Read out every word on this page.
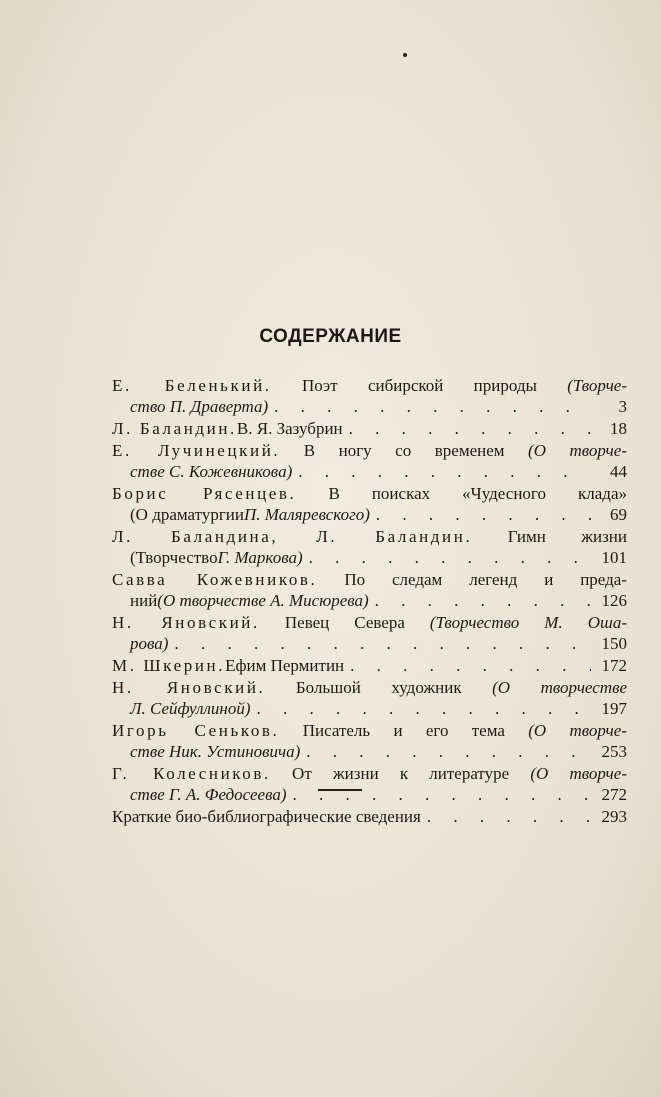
СОДЕРЖАНИЕ
Е. Беленький. Поэт сибирской природы (Творче-
ство П. Драверта) . . .	3
Л. Баландин. В. Я. Зазубрин . . .	18
Е. Лучинецкий. В ногу со временем (О творче-
стве С. Кожевникова) . . .	44
Борис Рясенцев. В поисках «Чудесного клада»
(О драматургии П. Маляревского) . . .	69
Л. Баландина, Л. Баландин. Гимн жизни
(Творчество Г. Маркова) . . .	101
Савва Кожевников. По следам легенд и преда-
ний (О творчестве А. Мисюрева) . . .	126
Н. Яновский. Певец Севера (Творчество М. Оша-
рова) . . .	150
М. Шкерин. Ефим Пермитин . . .	172
Н. Яновский. Большой художник (О творчестве
Л. Сейфуллиной) . . .	197
Игорь Сеньков. Писатель и его тема (О творче-
стве Ник. Устиновича) . . .	253
Г. Колесников. От жизни к литературе (О творче-
стве Г. А. Федосеева) . . .	272
Краткие био-библиографические сведения . . .	293
